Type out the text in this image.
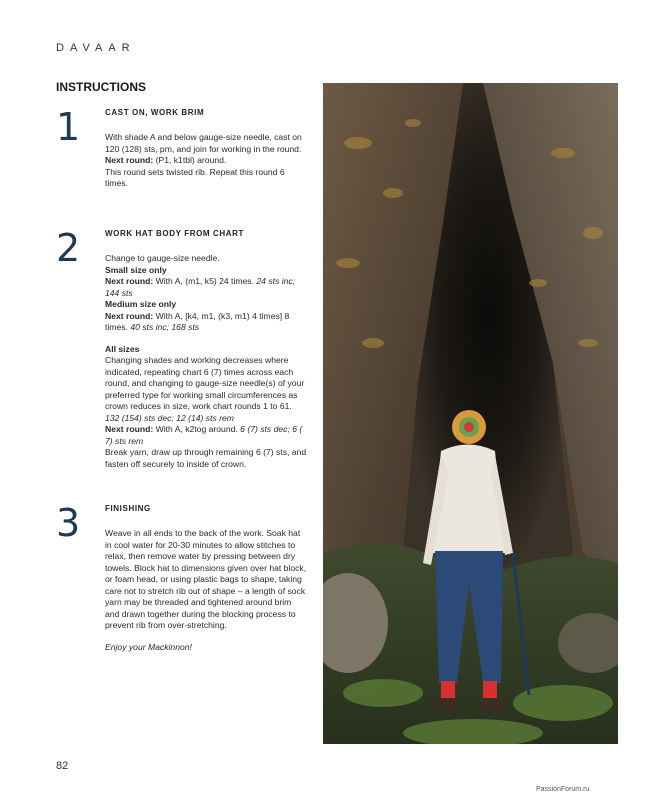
DAVAAR
INSTRUCTIONS
1	CAST ON, WORK BRIM

With shade A and below gauge-size needle, cast on 120 (128) sts, pm, and join for working in the round.

Next round: (P1, k1tbl) around.

This round sets twisted rib. Repeat this round 6 times.

2	WORK HAT BODY FROM CHART

Change to gauge-size needle.

Small size only

Next round: With A, (m1, k5) 24 times. 24 sts inc; 144 sts

Medium size only

Next round: With A, [k4, m1, (k3, m1) 4 times] 8 times. 40 sts inc; 168 sts

All sizes

Changing shades and working decreases where indicated, repeating chart 6 (7) times across each round, and changing to gauge-size needle(s) of your preferred type for working small circumferences as crown reduces in size, work chart rounds 1 to 61. 132 (154) sts dec; 12 (14) sts rem

Next round: With A, k2tog around. 6 (7) sts dec; 6 ( 7) sts rem

Break yarn, draw up through remaining 6 (7) sts, and fasten off securely to inside of crown.

3	FINISHING

Weave in all ends to the back of the work. Soak hat in cool water for 20-30 minutes to allow stitches to relax, then remove water by pressing between dry towels. Block hat to dimensions given over hat block, or foam head, or using plastic bags to shape, taking care not to stretch rib out of shape – a length of sock yarn may be threaded and tightened around brim and drawn together during the blocking process to prevent rib from over-stretching.

Enjoy your Mackinnon!

82
PassionForum.ru
